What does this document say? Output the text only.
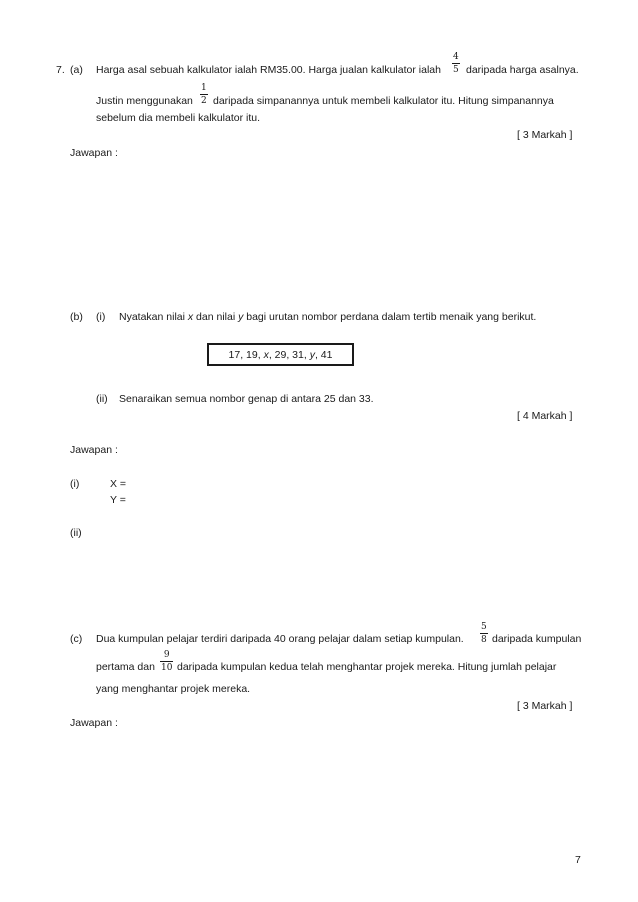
7. (a) Harga asal sebuah kalkulator ialah RM35.00. Harga jualan kalkulator ialah
4
5 daripada harga asalnya.
Justin menggunakan
1
2 daripada simpanannya untuk membeli kalkulator itu. Hitung simpanannya
sebelum dia membeli kalkulator itu.
[ 3 Markah ]
Jawapan :
(b) (i) Nyatakan nilai x dan nilai y bagi urutan nombor perdana dalam tertib menaik yang berikut.
17, 19,
x , 29, 31,
y , 41
(ii) Senaraikan semua nombor genap di antara 25 dan 33.
[ 4 Markah ]
Jawapan :
(i)	X =
Y =
(ii)
(c) Dua kumpulan pelajar terdiri daripada 40 orang pelajar dalam setiap kumpulan.
5
8 daripada kumpulan
pertama dan
9
10 daripada kumpulan kedua telah menghantar projek mereka. Hitung jumlah pelajar
yang menghantar projek mereka.
[ 3 Markah ]
Jawapan :
7
